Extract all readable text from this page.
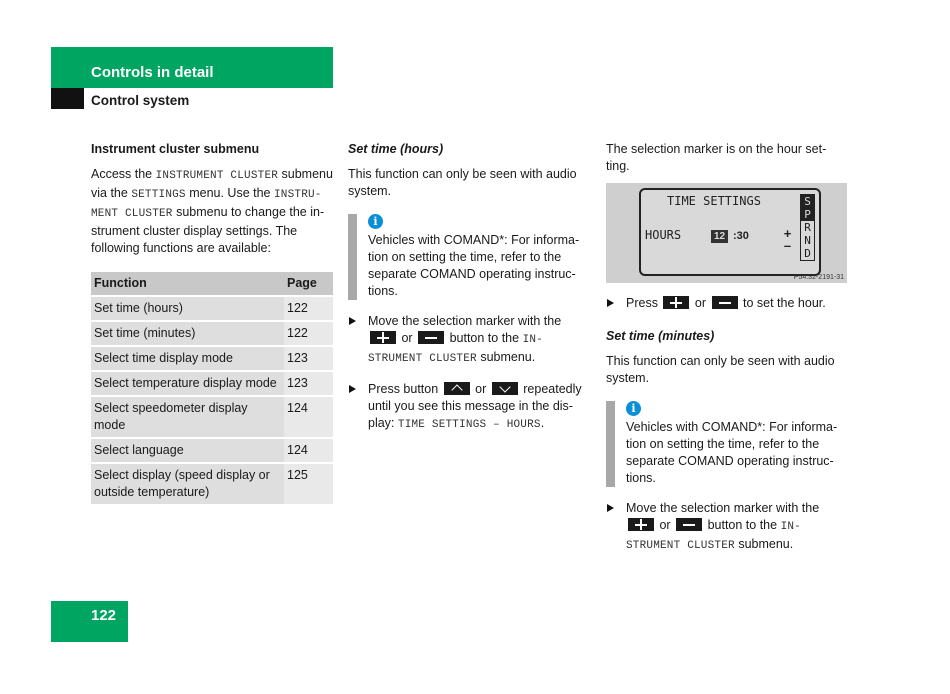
Controls in detail
Control system
Instrument cluster submenu

Access the INSTRUMENT CLUSTER submenu via the SETTINGS menu. Use the INSTRU-MENT CLUSTER submenu to change the in-strument cluster display settings. The following functions are available:

Function	Page
Set time (hours)	122
Set time (minutes)	122
Select time display mode	123
Select temperature display mode	123
Select speedometer display mode	124
Select language	124
Select display (speed display or outside temperature)	125
Set time (hours)

This function can only be seen with audio system.

i

Vehicles with COMAND*: For informa-tion on setting the time, refer to the separate COMAND operating instruc-tions.

Move the selection marker with the  or	button to the IN-STRUMENT CLUSTER submenu.
Press button	or	repeatedly until you see this message in the dis-play: TIME SETTINGS – HOURS.

The selection marker is on the hour set-ting.

TIME SETTINGS
HOURS	12 :30	+
–
S
P
R
N
D
P54.32-2191-31
Press	or	to set the hour.
Set time (minutes)

This function can only be seen with audio system.

i

Vehicles with COMAND*: For informa-tion on setting the time, refer to the separate COMAND operating instruc-tions.

Move the selection marker with the  or	button to the IN-STRUMENT CLUSTER submenu.
122
